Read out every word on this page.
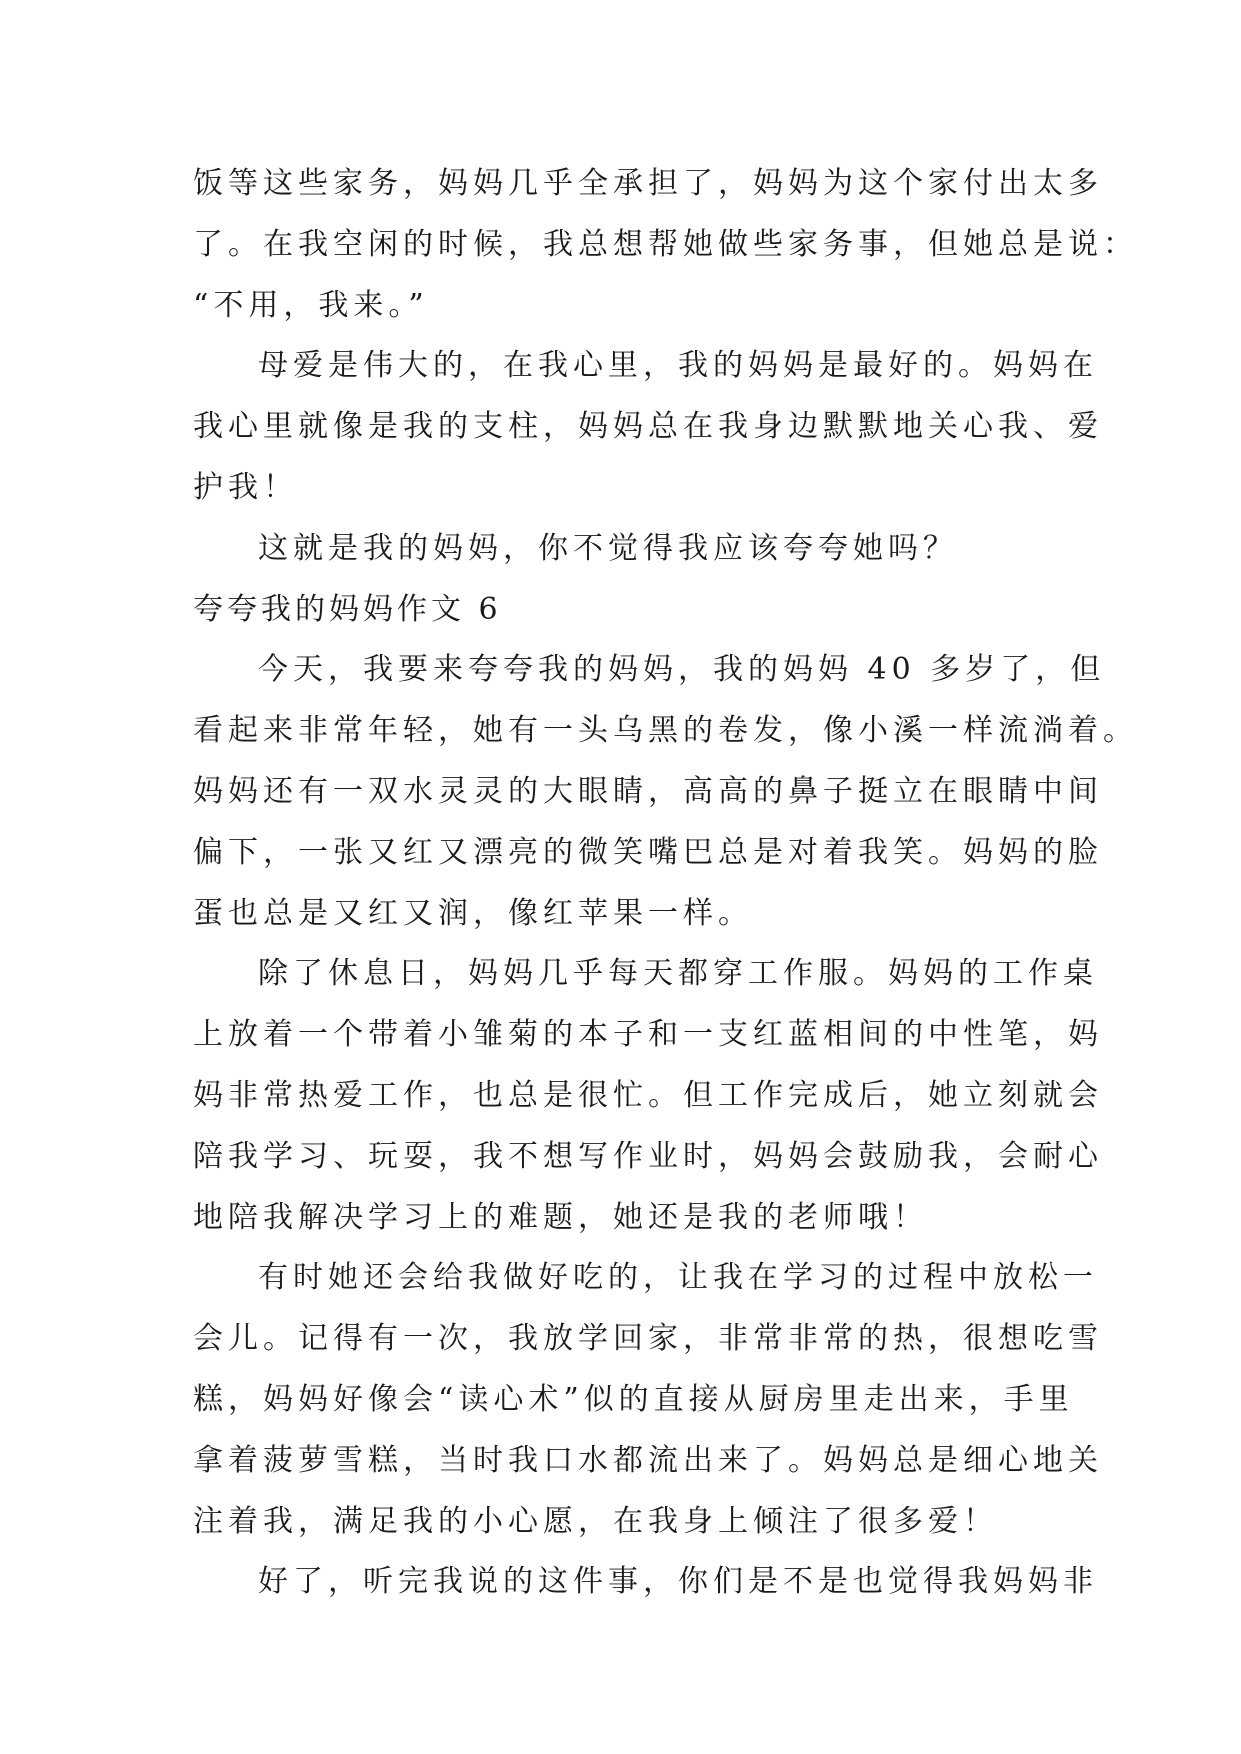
饭等这些家务，妈妈几乎全承担了，妈妈为这个家付出太多
了。在我空闲的时候，我总想帮她做些家务事，但她总是说：
“不用，我来。”
母爱是伟大的，在我心里，我的妈妈是最好的。妈妈在
我心里就像是我的支柱，妈妈总在我身边默默地关心我、爱
护我！
这就是我的妈妈，你不觉得我应该夸夸她吗？
夸夸我的妈妈作文 6
今天，我要来夸夸我的妈妈，我的妈妈 40 多岁了，但
看起来非常年轻，她有一头乌黑的卷发，像小溪一样流淌着。
妈妈还有一双水灵灵的大眼睛，高高的鼻子挺立在眼睛中间
偏下，一张又红又漂亮的微笑嘴巴总是对着我笑。妈妈的脸
蛋也总是又红又润，像红苹果一样。
除了休息日，妈妈几乎每天都穿工作服。妈妈的工作桌
上放着一个带着小雏菊的本子和一支红蓝相间的中性笔，妈
妈非常热爱工作，也总是很忙。但工作完成后，她立刻就会
陪我学习、玩耍，我不想写作业时，妈妈会鼓励我，会耐心
地陪我解决学习上的难题，她还是我的老师哦！
有时她还会给我做好吃的，让我在学习的过程中放松一
会儿。记得有一次，我放学回家，非常非常的热，很想吃雪
糕，妈妈好像会“读心术”似的直接从厨房里走出来，手里
拿着菠萝雪糕，当时我口水都流出来了。妈妈总是细心地关
注着我，满足我的小心愿，在我身上倾注了很多爱！
好了，听完我说的这件事，你们是不是也觉得我妈妈非
